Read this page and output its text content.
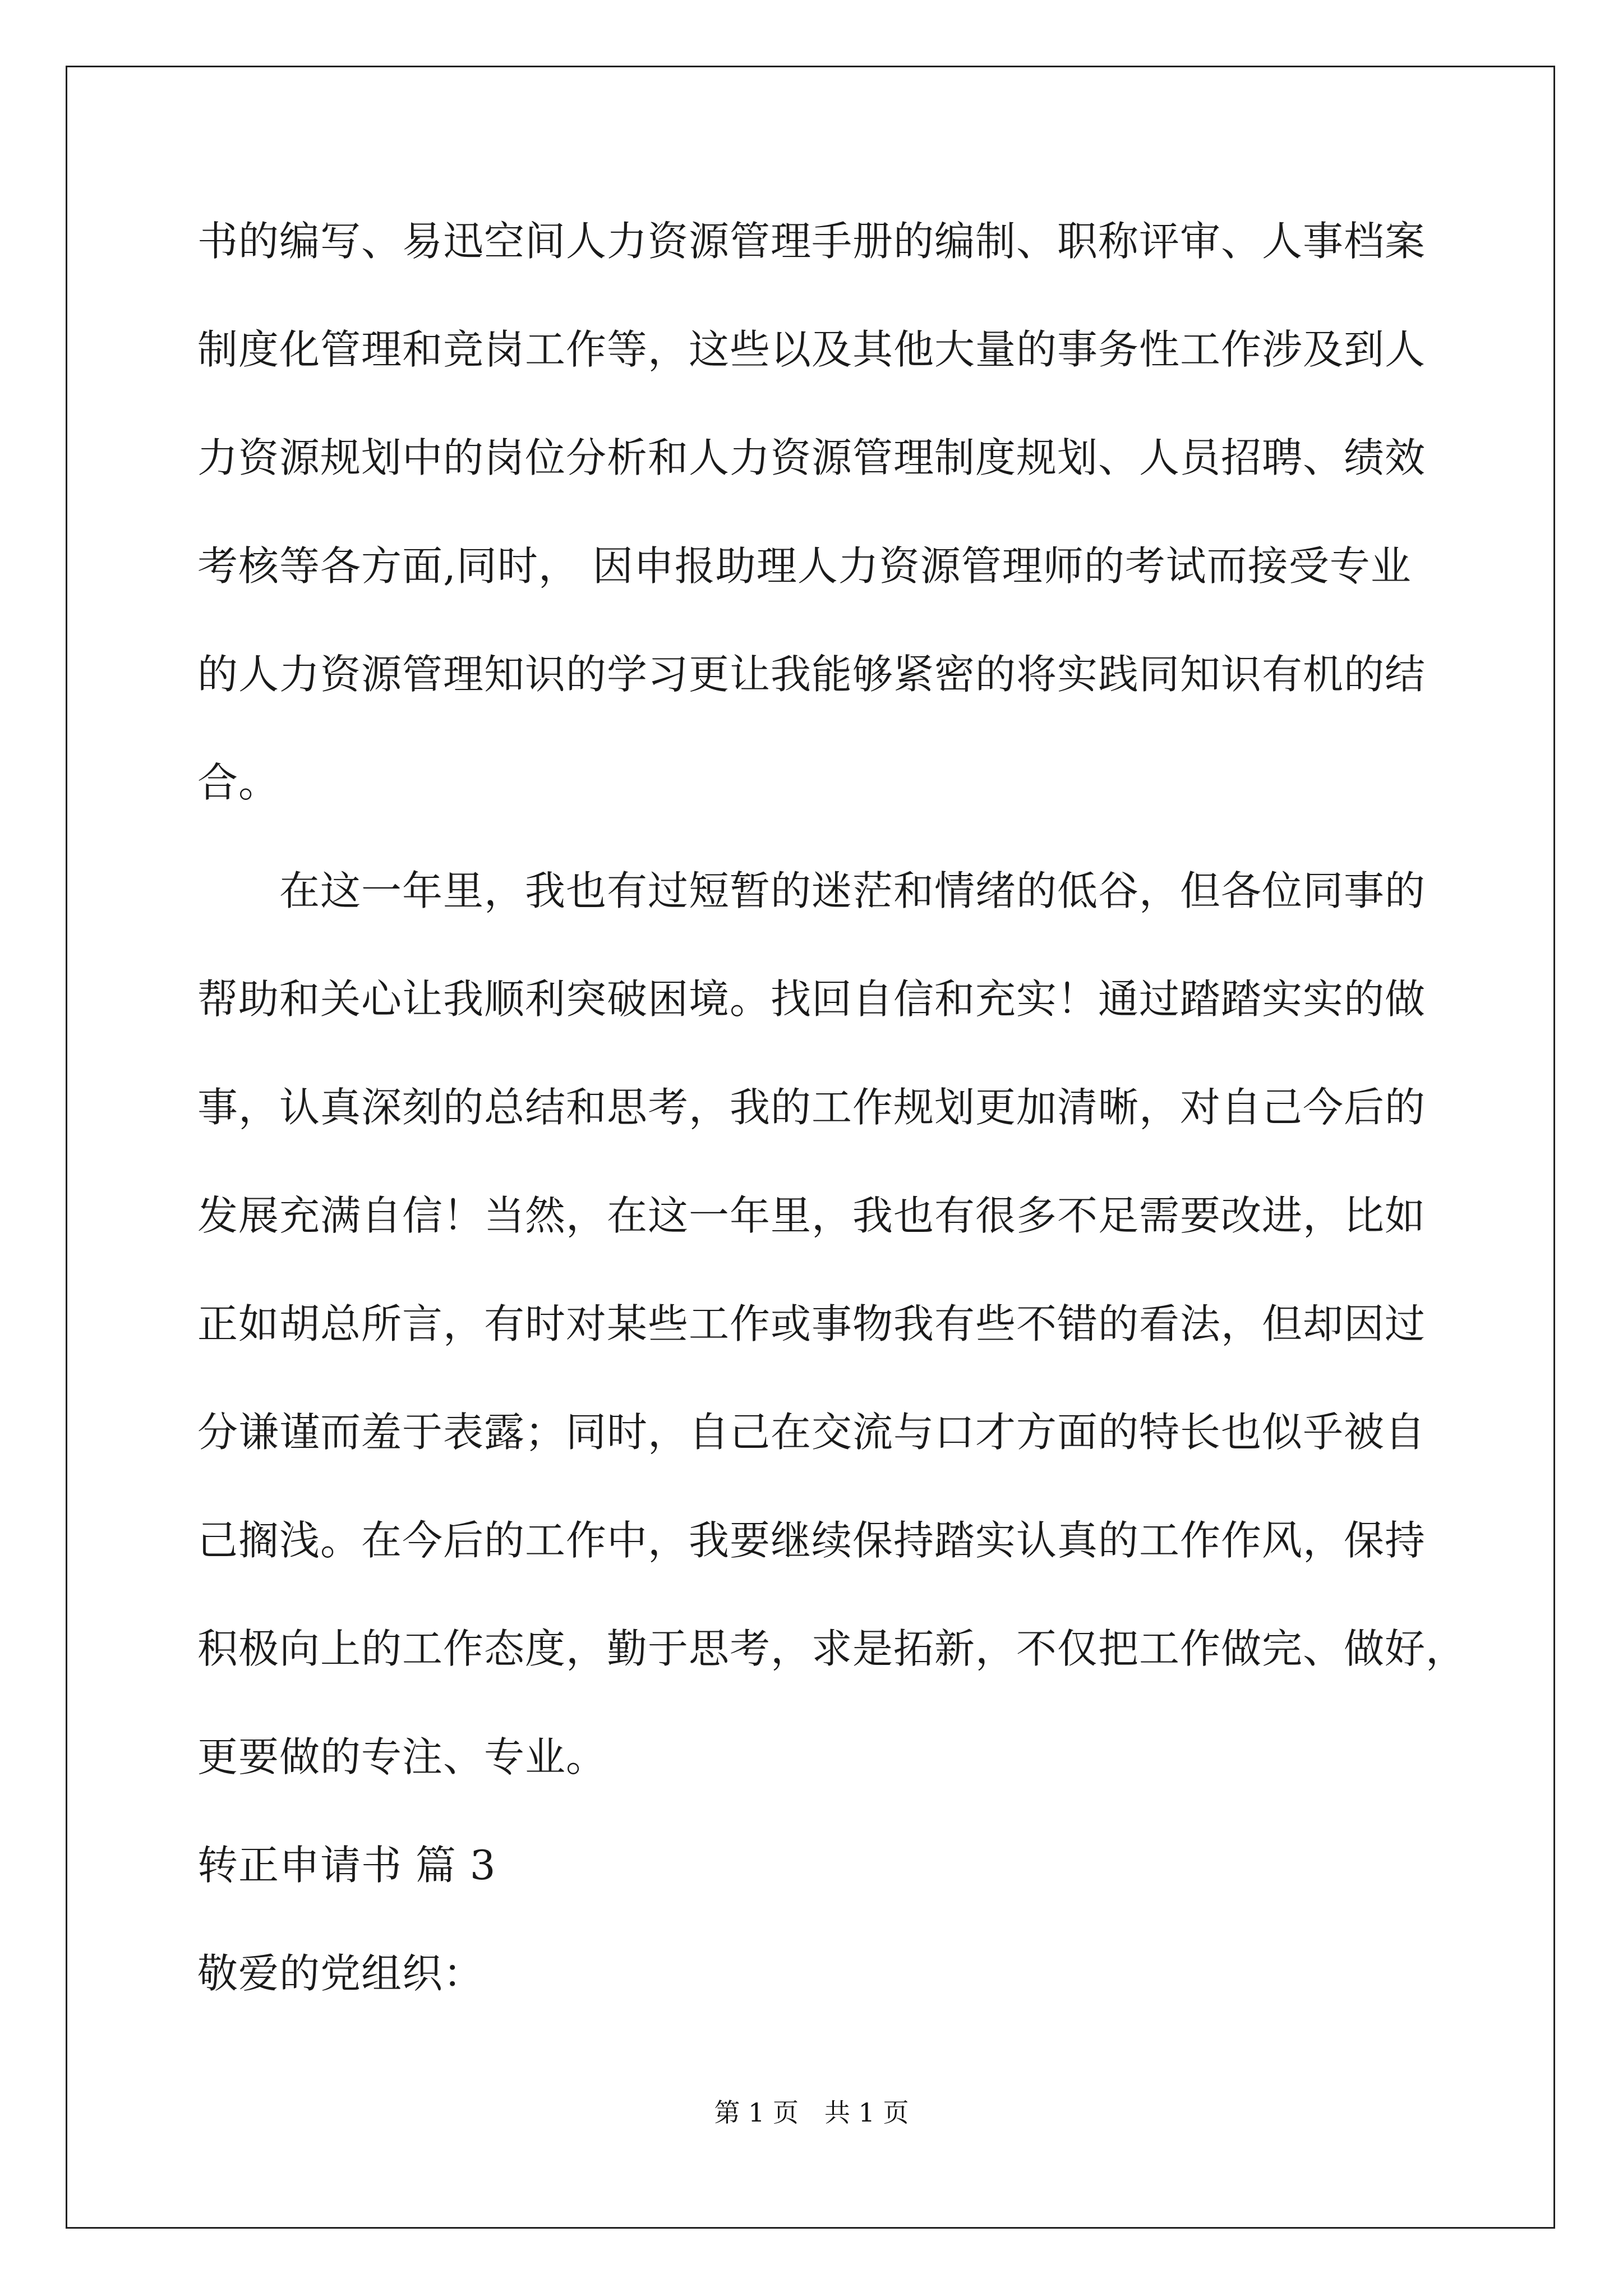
书的编写、易迅空间人力资源管理手册的编制、职称评审、人事档案
制度化管理和竞岗工作等，这些以及其他大量的事务性工作涉及到人
力资源规划中的岗位分析和人力资源管理制度规划、人员招聘、绩效
考核等各方面,同时， 因申报助理人力资源管理师的考试而接受专业
的人力资源管理知识的学习更让我能够紧密的将实践同知识有机的结
合。
　　在这一年里，我也有过短暂的迷茫和情绪的低谷，但各位同事的
帮助和关心让我顺利突破困境。找回自信和充实！通过踏踏实实的做
事，认真深刻的总结和思考，我的工作规划更加清晰，对自己今后的
发展充满自信！当然，在这一年里，我也有很多不足需要改进，比如
正如胡总所言，有时对某些工作或事物我有些不错的看法，但却因过
分谦谨而羞于表露；同时，自己在交流与口才方面的特长也似乎被自
己搁浅。在今后的工作中，我要继续保持踏实认真的工作作风，保持
积极向上的工作态度，勤于思考，求是拓新，不仅把工作做完、做好，
更要做的专注、专业。
转正申请书 篇 3
敬爱的党组织：
第 1 页　共 1 页
